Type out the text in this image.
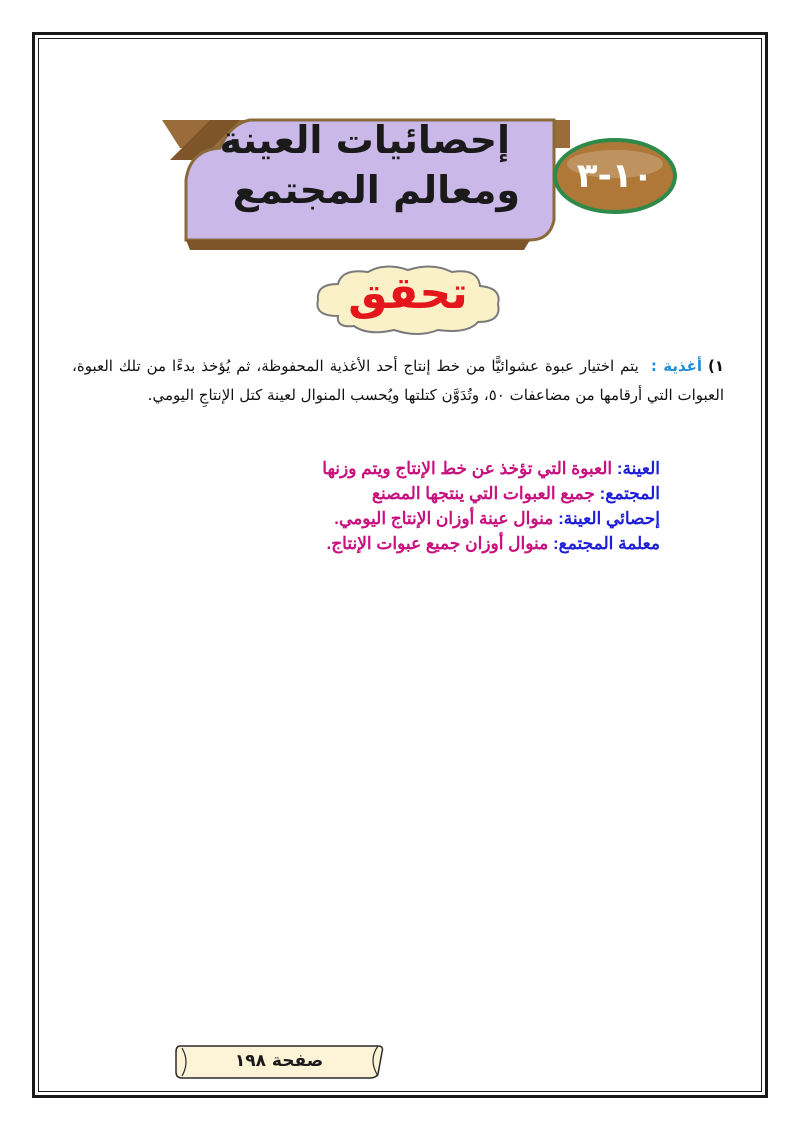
إحصائيات العينة
ومعالم المجتمع	١٠-٣
تحقق
١) أغذية : يتم اختيار عبوة عشوائيًّا من خط إنتاج أحد الأغذية المحفوظة، ثم يُؤخذ بدءًا من تلك العبوة، العبوات التي أرقامها من مضاعفات ٥٠، وتُدَوَّن كتلتها ويُحسب المنوال لعينة كتل الإنتاجِ اليومي.
العينة: العبوة التي تؤخذ عن خط الإنتاج ويتم وزنها
المجتمع: جميع العبوات التي ينتجها المصنع
إحصائي العينة: منوال عينة أوزان الإنتاج اليومي.
معلمة المجتمع: منوال أوزان جميع عبوات الإنتاج.
صفحة ١٩٨
